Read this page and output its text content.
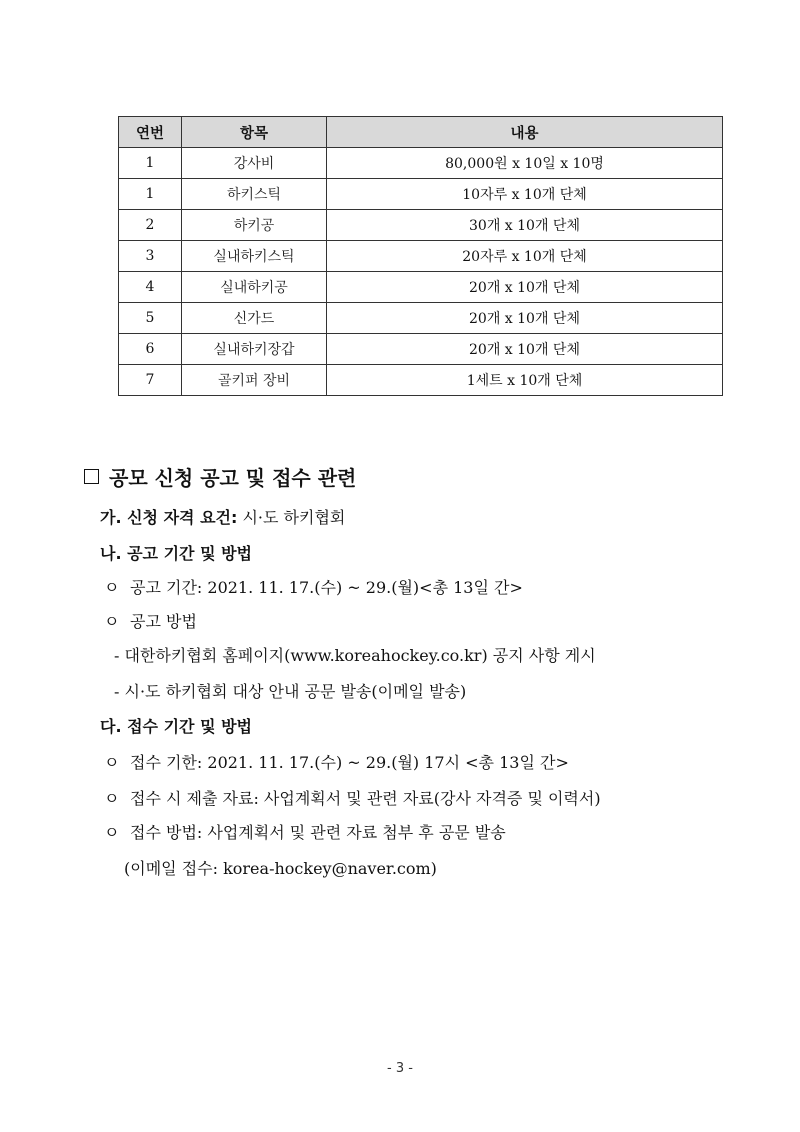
연번	항목	내용
1	강사비	80,000원 x 10일 x 10명
1	하키스틱	10자루 x 10개 단체
2	하키공	30개 x 10개 단체
3	실내하키스틱	20자루 x 10개 단체
4	실내하키공	20개 x 10개 단체
5	신가드	20개 x 10개 단체
6	실내하키장갑	20개 x 10개 단체
7	골키퍼 장비	1세트 x 10개 단체
공모 신청 공고 및 접수 관련
가. 신청 자격 요건: 시·도 하키협회
나. 공고 기간 및 방법
ㅇ 공고 기간: 2021. 11. 17.(수) ~ 29.(월)<총 13일 간>
ㅇ 공고 방법
- 대한하키협회 홈페이지(www.koreahockey.co.kr) 공지 사항 게시
- 시·도 하키협회 대상 안내 공문 발송(이메일 발송)
다. 접수 기간 및 방법
ㅇ 접수 기한: 2021. 11. 17.(수) ~ 29.(월) 17시 <총 13일 간>
ㅇ 접수 시 제출 자료: 사업계획서 및 관련 자료(강사 자격증 및 이력서)
ㅇ 접수 방법: 사업계획서 및 관련 자료 첨부 후 공문 발송
(이메일 접수: korea-hockey@naver.com)
- 3 -
